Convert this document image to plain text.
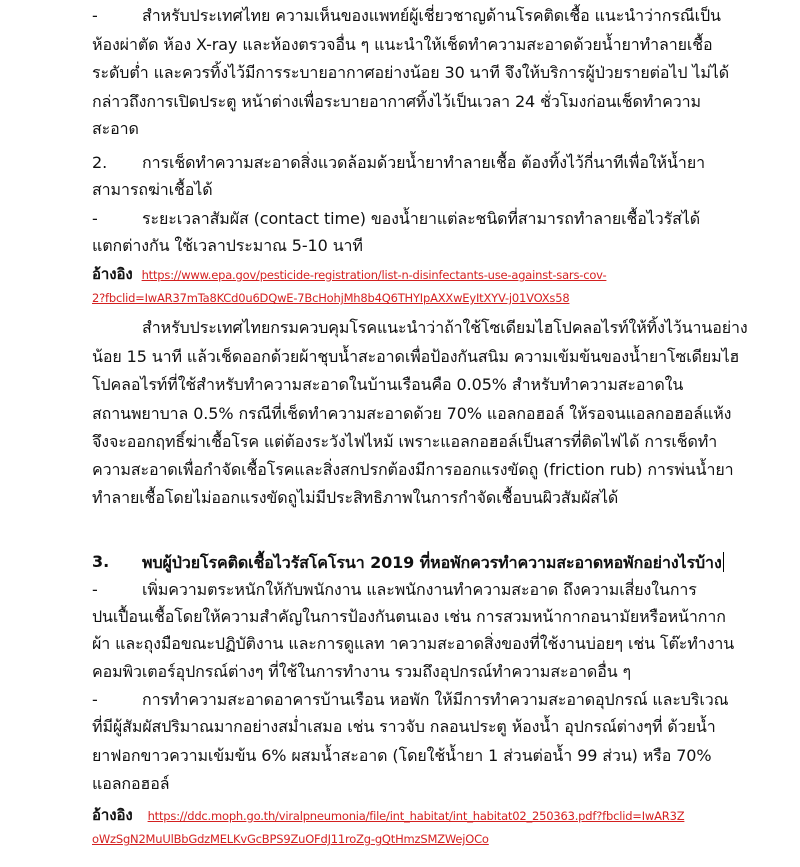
-	สำหรับประเทศไทย ความเห็นของแพทย์ผู้เชี่ยวชาญด้านโรคติดเชื้อ แนะนำว่ากรณีเป็น
ห้องผ่าตัด ห้อง X-ray และห้องตรวจอื่น ๆ แนะนำให้เช็ดทำความสะอาดด้วยน้ำยาทำลายเชื้อ
ระดับต่ำ และควรทิ้งไว้มีการระบายอากาศอย่างน้อย 30 นาที จึงให้บริการผู้ป่วยรายต่อไป ไม่ได้
กล่าวถึงการเปิดประตู หน้าต่างเพื่อระบายอากาศทิ้งไว้เป็นเวลา 24 ชั่วโมงก่อนเช็ดทำความ
สะอาด
2. การเช็ดทำความสะอาดสิ่งแวดล้อมด้วยน้ำยาทำลายเชื้อ ต้องทิ้งไว้กี่นาทีเพื่อให้น้ำยา
สามารถฆ่าเชื้อได้
-	ระยะเวลาสัมผัส (contact time) ของน้ำยาแต่ละชนิดที่สามารถทำลายเชื้อไวรัสได้
แตกต่างกัน ใช้เวลาประมาณ 5-10 นาที
อ้างอิง https://www.epa.gov/pesticide-registration/list-n-disinfectants-use-against-sars-cov-
2?fbclid=IwAR37mTa8KCd0u6DQwE-7BcHohjMh8b4Q6THYIpAXXwEyItXYV-j01VOXs58
สำหรับประเทศไทยกรมควบคุมโรคแนะนำว่าถ้าใช้โซเดียมไฮโปคลอไรท์ให้ทิ้งไว้นานอย่าง
น้อย 15 นาที แล้วเช็ดออกด้วยผ้าชุบน้ำสะอาดเพื่อป้องกันสนิม ความเข้มข้นของน้ำยาโซเดียมไฮ
โปคลอไรท์ที่ใช้สำหรับทำความสะอาดในบ้านเรือนคือ 0.05% สำหรับทำความสะอาดใน
สถานพยาบาล 0.5% กรณีที่เช็ดทำความสะอาดด้วย 70% แอลกอฮอล์ ให้รอจนแอลกอฮอล์แห้ง
จึงจะออกฤทธิ์ฆ่าเชื้อโรค แต่ต้องระวังไฟไหม้ เพราะแอลกอฮอล์เป็นสารที่ติดไฟได้ การเช็ดทำ
ความสะอาดเพื่อกำจัดเชื้อโรคและสิ่งสกปรกต้องมีการออกแรงขัดถู (friction rub) การพ่นน้ำยา
ทำลายเชื้อโดยไม่ออกแรงขัดถูไม่มีประสิทธิภาพในการกำจัดเชื้อบนผิวสัมผัสได้
3. พบผู้ป่วยโรคติดเชื้อไวรัสโคโรนา 2019 ที่หอพักควรทำความสะอาดหอพักอย่างไรบ้าง
-	เพิ่มความตระหนักให้กับพนักงาน และพนักงานทำความสะอาด ถึงความเสี่ยงในการ
ปนเปื้อนเชื้อโดยให้ความสำคัญในการป้องกันตนเอง เช่น การสวมหน้ากากอนามัยหรือหน้ากาก
ผ้า และถุงมือขณะปฏิบัติงาน และการดูแลท าความสะอาดสิ่งของที่ใช้งานบ่อยๆ เช่น โต๊ะทำงาน
คอมพิวเตอร์อุปกรณ์ต่างๆ ที่ใช้ในการทำงาน รวมถึงอุปกรณ์ทำความสะอาดอื่น ๆ
-	การทำความสะอาดอาคารบ้านเรือน หอพัก ให้มีการทำความสะอาดอุปกรณ์ และบริเวณ
ที่มีผู้สัมผัสปริมาณมากอย่างสม่ำเสมอ เช่น ราวจับ กลอนประตู ห้องน้ำ อุปกรณ์ต่างๆที่ ด้วยน้ำ
ยาฟอกขาวความเข้มข้น 6% ผสมน้ำสะอาด (โดยใช้น้ำยา 1 ส่วนต่อน้ำ 99 ส่วน) หรือ 70%
แอลกอฮอล์
อ้างอิง https://ddc.moph.go.th/viralpneumonia/file/int_habitat/int_habitat02_250363.pdf?fbclid=IwAR3Z
oWzSgN2MuUlBbGdzMELKvGcBPS9ZuOFdJ11roZg-gQtHmzSMZWejOCo
